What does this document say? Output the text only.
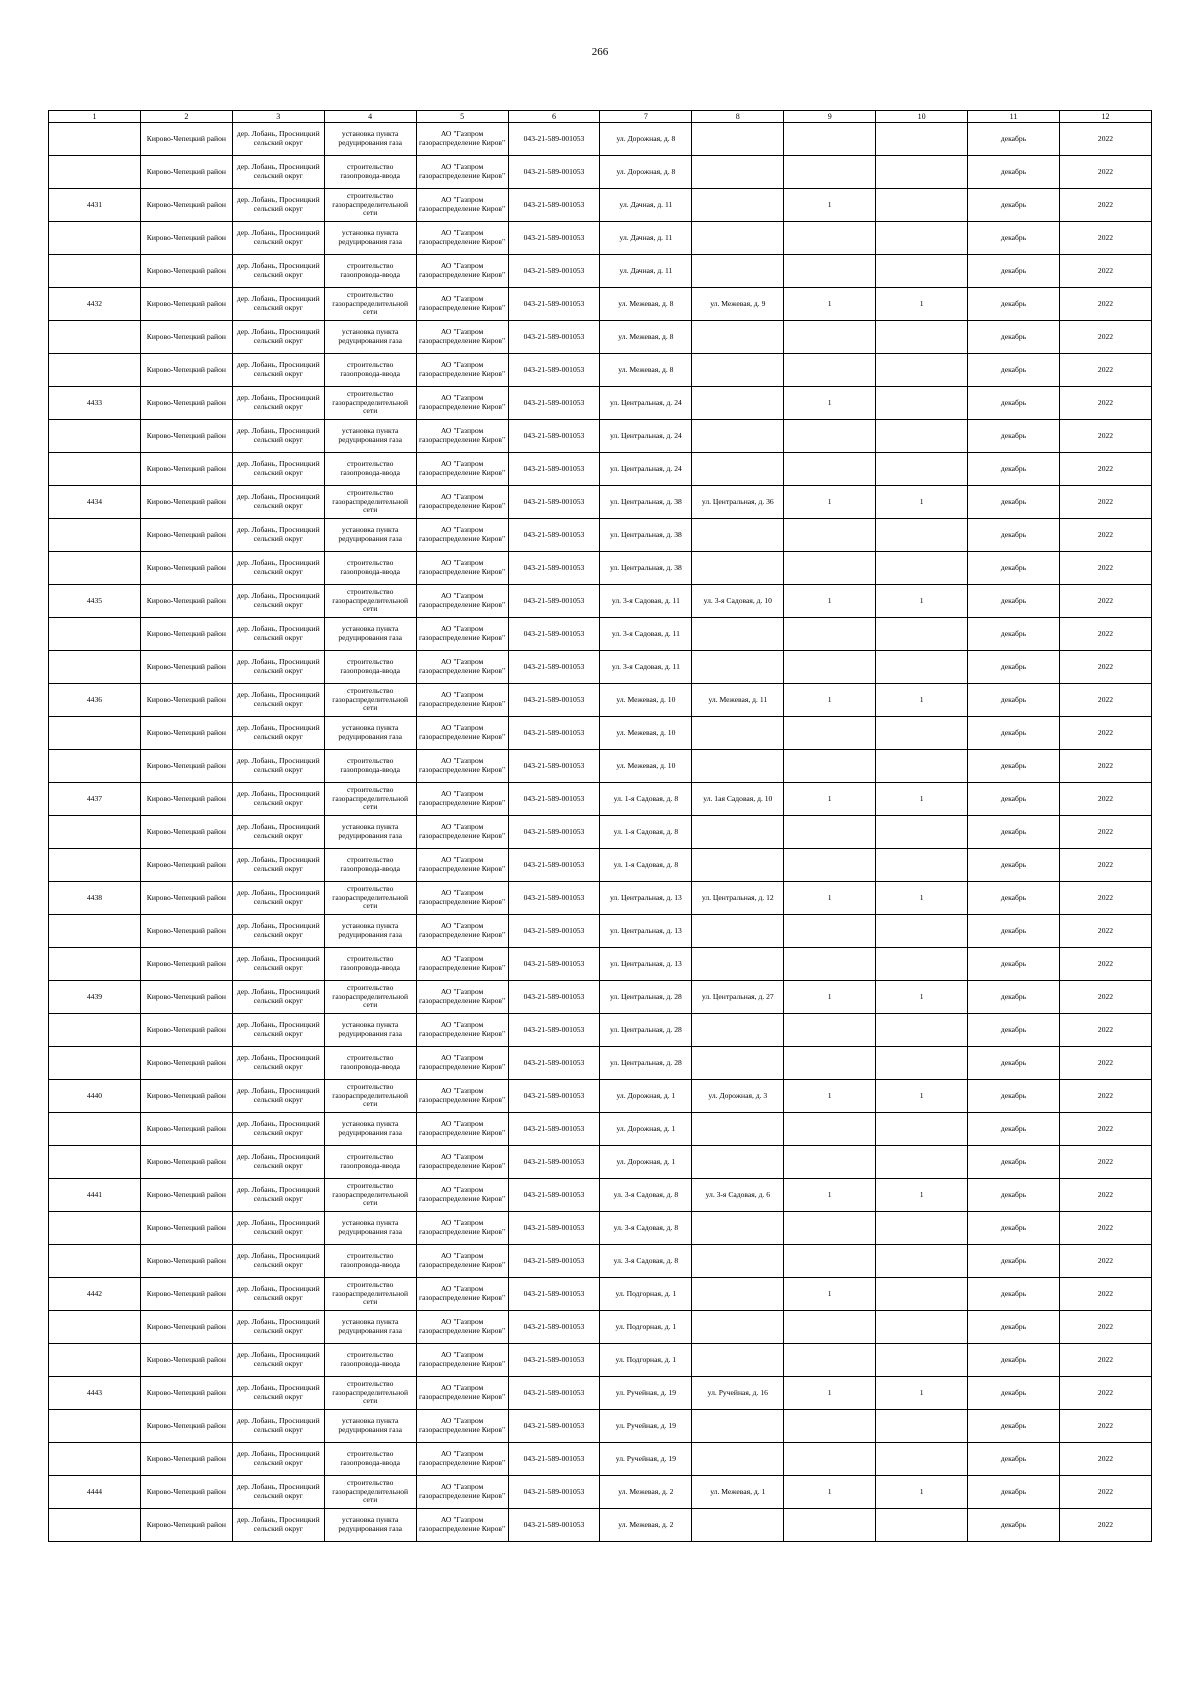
266
1	2	3	4	5	6	7	8	9	10	11	12

	Кирово-Чепецкий район	дер. Лобань, Просницкий сельский округ	установка пункта редуцирования газа	АО "Газпром газораспределение Киров"	043-21-589-001053	ул. Дорожная, д. 8				декабрь	2022

	Кирово-Чепецкий район	дер. Лобань, Просницкий сельский округ	строительство газопровода-ввода	АО "Газпром газораспределение Киров"	043-21-589-001053	ул. Дорожная, д. 8				декабрь	2022

4431	Кирово-Чепецкий район	дер. Лобань, Просницкий сельский округ	строительство газораспределительной сети	АО "Газпром газораспределение Киров"	043-21-589-001053	ул. Дачная, д. 11		1		декабрь	2022

	Кирово-Чепецкий район	дер. Лобань, Просницкий сельский округ	установка пункта редуцирования газа	АО "Газпром газораспределение Киров"	043-21-589-001053	ул. Дачная, д. 11				декабрь	2022

	Кирово-Чепецкий район	дер. Лобань, Просницкий сельский округ	строительство газопровода-ввода	АО "Газпром газораспределение Киров"	043-21-589-001053	ул. Дачная, д. 11				декабрь	2022

4432	Кирово-Чепецкий район	дер. Лобань, Просницкий сельский округ	строительство газораспределительной сети	АО "Газпром газораспределение Киров"	043-21-589-001053	ул. Межевая, д. 8	ул. Межевая, д. 9	1	1	декабрь	2022

	Кирово-Чепецкий район	дер. Лобань, Просницкий сельский округ	установка пункта редуцирования газа	АО "Газпром газораспределение Киров"	043-21-589-001053	ул. Межевая, д. 8				декабрь	2022

	Кирово-Чепецкий район	дер. Лобань, Просницкий сельский округ	строительство газопровода-ввода	АО "Газпром газораспределение Киров"	043-21-589-001053	ул. Межевая, д. 8				декабрь	2022

4433	Кирово-Чепецкий район	дер. Лобань, Просницкий сельский округ	строительство газораспределительной сети	АО "Газпром газораспределение Киров"	043-21-589-001053	ул. Центральная, д. 24		1		декабрь	2022

	Кирово-Чепецкий район	дер. Лобань, Просницкий сельский округ	установка пункта редуцирования газа	АО "Газпром газораспределение Киров"	043-21-589-001053	ул. Центральная, д. 24				декабрь	2022

	Кирово-Чепецкий район	дер. Лобань, Просницкий сельский округ	строительство газопровода-ввода	АО "Газпром газораспределение Киров"	043-21-589-001053	ул. Центральная, д. 24				декабрь	2022

4434	Кирово-Чепецкий район	дер. Лобань, Просницкий сельский округ	строительство газораспределительной сети	АО "Газпром газораспределение Киров"	043-21-589-001053	ул. Центральная, д. 38	ул. Центральная, д. 36	1	1	декабрь	2022

	Кирово-Чепецкий район	дер. Лобань, Просницкий сельский округ	установка пункта редуцирования газа	АО "Газпром газораспределение Киров"	043-21-589-001053	ул. Центральная, д. 38				декабрь	2022

	Кирово-Чепецкий район	дер. Лобань, Просницкий сельский округ	строительство газопровода-ввода	АО "Газпром газораспределение Киров"	043-21-589-001053	ул. Центральная, д. 38				декабрь	2022

4435	Кирово-Чепецкий район	дер. Лобань, Просницкий сельский округ	строительство газораспределительной сети	АО "Газпром газораспределение Киров"	043-21-589-001053	ул. 3-я Садовая, д. 11	ул. 3-я Садовая, д. 10	1	1	декабрь	2022

	Кирово-Чепецкий район	дер. Лобань, Просницкий сельский округ	установка пункта редуцирования газа	АО "Газпром газораспределение Киров"	043-21-589-001053	ул. 3-я Садовая, д. 11				декабрь	2022

	Кирово-Чепецкий район	дер. Лобань, Просницкий сельский округ	строительство газопровода-ввода	АО "Газпром газораспределение Киров"	043-21-589-001053	ул. 3-я Садовая, д. 11				декабрь	2022

4436	Кирово-Чепецкий район	дер. Лобань, Просницкий сельский округ	строительство газораспределительной сети	АО "Газпром газораспределение Киров"	043-21-589-001053	ул. Межевая, д. 10	ул. Межевая, д. 11	1	1	декабрь	2022

	Кирово-Чепецкий район	дер. Лобань, Просницкий сельский округ	установка пункта редуцирования газа	АО "Газпром газораспределение Киров"	043-21-589-001053	ул. Межевая, д. 10				декабрь	2022

	Кирово-Чепецкий район	дер. Лобань, Просницкий сельский округ	строительство газопровода-ввода	АО "Газпром газораспределение Киров"	043-21-589-001053	ул. Межевая, д. 10				декабрь	2022

4437	Кирово-Чепецкий район	дер. Лобань, Просницкий сельский округ	строительство газораспределительной сети	АО "Газпром газораспределение Киров"	043-21-589-001053	ул. 1-я Садовая, д. 8	ул. 1ая Садовая, д. 10	1	1	декабрь	2022

	Кирово-Чепецкий район	дер. Лобань, Просницкий сельский округ	установка пункта редуцирования газа	АО "Газпром газораспределение Киров"	043-21-589-001053	ул. 1-я Садовая, д. 8				декабрь	2022

	Кирово-Чепецкий район	дер. Лобань, Просницкий сельский округ	строительство газопровода-ввода	АО "Газпром газораспределение Киров"	043-21-589-001053	ул. 1-я Садовая, д. 8				декабрь	2022

4438	Кирово-Чепецкий район	дер. Лобань, Просницкий сельский округ	строительство газораспределительной сети	АО "Газпром газораспределение Киров"	043-21-589-001053	ул. Центральная, д. 13	ул. Центральная, д. 12	1	1	декабрь	2022

	Кирово-Чепецкий район	дер. Лобань, Просницкий сельский округ	установка пункта редуцирования газа	АО "Газпром газораспределение Киров"	043-21-589-001053	ул. Центральная, д. 13				декабрь	2022

	Кирово-Чепецкий район	дер. Лобань, Просницкий сельский округ	строительство газопровода-ввода	АО "Газпром газораспределение Киров"	043-21-589-001053	ул. Центральная, д. 13				декабрь	2022

4439	Кирово-Чепецкий район	дер. Лобань, Просницкий сельский округ	строительство газораспределительной сети	АО "Газпром газораспределение Киров"	043-21-589-001053	ул. Центральная, д. 28	ул. Центральная, д. 27	1	1	декабрь	2022

	Кирово-Чепецкий район	дер. Лобань, Просницкий сельский округ	установка пункта редуцирования газа	АО "Газпром газораспределение Киров"	043-21-589-001053	ул. Центральная, д. 28				декабрь	2022

	Кирово-Чепецкий район	дер. Лобань, Просницкий сельский округ	строительство газопровода-ввода	АО "Газпром газораспределение Киров"	043-21-589-001053	ул. Центральная, д. 28				декабрь	2022

4440	Кирово-Чепецкий район	дер. Лобань, Просницкий сельский округ	строительство газораспределительной сети	АО "Газпром газораспределение Киров"	043-21-589-001053	ул. Дорожная, д. 1	ул. Дорожная, д. 3	1	1	декабрь	2022

	Кирово-Чепецкий район	дер. Лобань, Просницкий сельский округ	установка пункта редуцирования газа	АО "Газпром газораспределение Киров"	043-21-589-001053	ул. Дорожная, д. 1				декабрь	2022

	Кирово-Чепецкий район	дер. Лобань, Просницкий сельский округ	строительство газопровода-ввода	АО "Газпром газораспределение Киров"	043-21-589-001053	ул. Дорожная, д. 1				декабрь	2022

4441	Кирово-Чепецкий район	дер. Лобань, Просницкий сельский округ	строительство газораспределительной сети	АО "Газпром газораспределение Киров"	043-21-589-001053	ул. 3-я Садовая, д. 8	ул. 3-я Садовая, д. 6	1	1	декабрь	2022

	Кирово-Чепецкий район	дер. Лобань, Просницкий сельский округ	установка пункта редуцирования газа	АО "Газпром газораспределение Киров"	043-21-589-001053	ул. 3-я Садовая, д. 8				декабрь	2022

	Кирово-Чепецкий район	дер. Лобань, Просницкий сельский округ	строительство газопровода-ввода	АО "Газпром газораспределение Киров"	043-21-589-001053	ул. 3-я Садовая, д. 8				декабрь	2022

4442	Кирово-Чепецкий район	дер. Лобань, Просницкий сельский округ	строительство газораспределительной сети	АО "Газпром газораспределение Киров"	043-21-589-001053	ул. Подгорная, д. 1		1		декабрь	2022

	Кирово-Чепецкий район	дер. Лобань, Просницкий сельский округ	установка пункта редуцирования газа	АО "Газпром газораспределение Киров"	043-21-589-001053	ул. Подгорная, д. 1				декабрь	2022

	Кирово-Чепецкий район	дер. Лобань, Просницкий сельский округ	строительство газопровода-ввода	АО "Газпром газораспределение Киров"	043-21-589-001053	ул. Подгорная, д. 1				декабрь	2022

4443	Кирово-Чепецкий район	дер. Лобань, Просницкий сельский округ	строительство газораспределительной сети	АО "Газпром газораспределение Киров"	043-21-589-001053	ул. Ручейная, д. 19	ул. Ручейная, д. 16	1	1	декабрь	2022

	Кирово-Чепецкий район	дер. Лобань, Просницкий сельский округ	установка пункта редуцирования газа	АО "Газпром газораспределение Киров"	043-21-589-001053	ул. Ручейная, д. 19				декабрь	2022

	Кирово-Чепецкий район	дер. Лобань, Просницкий сельский округ	строительство газопровода-ввода	АО "Газпром газораспределение Киров"	043-21-589-001053	ул. Ручейная, д. 19				декабрь	2022

4444	Кирово-Чепецкий район	дер. Лобань, Просницкий сельский округ	строительство газораспределительной сети	АО "Газпром газораспределение Киров"	043-21-589-001053	ул. Межевая, д. 2	ул. Межевая, д. 1	1	1	декабрь	2022

	Кирово-Чепецкий район	дер. Лобань, Просницкий сельский округ	установка пункта редуцирования газа	АО "Газпром газораспределение Киров"	043-21-589-001053	ул. Межевая, д. 2				декабрь	2022
